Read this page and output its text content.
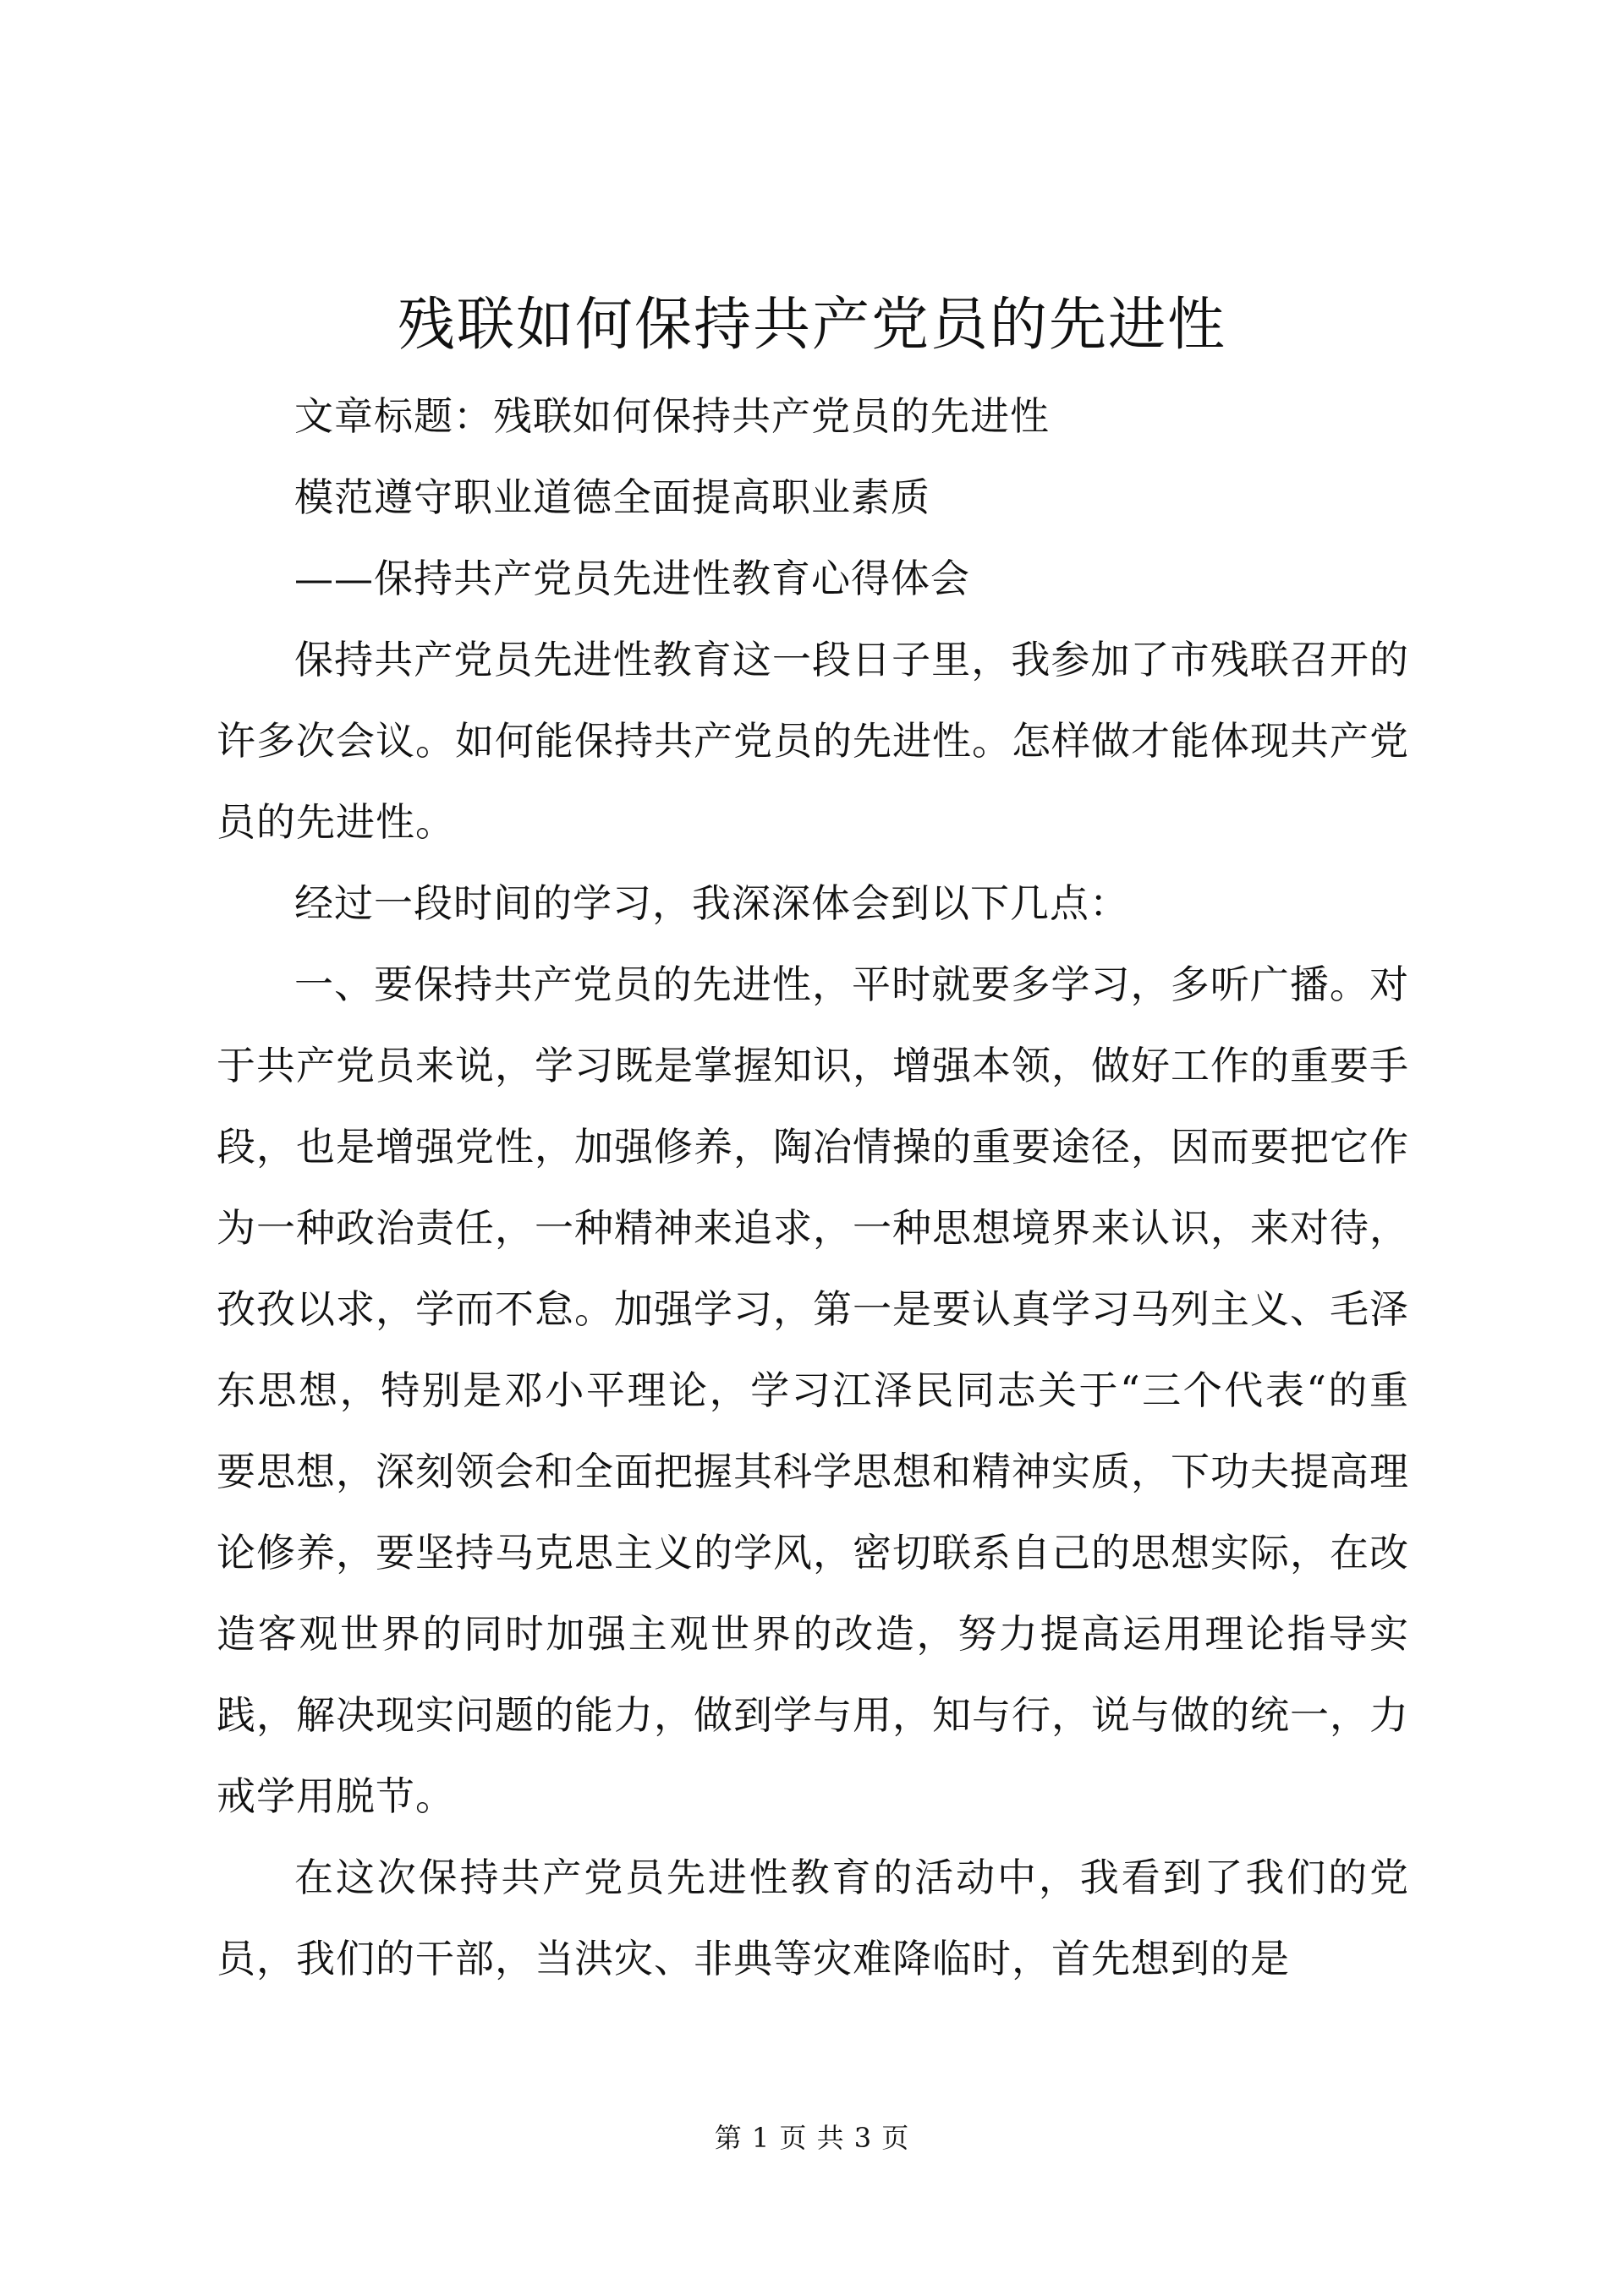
残联如何保持共产党员的先进性

文章标题：残联如何保持共产党员的先进性

模范遵守职业道德全面提高职业素质

——保持共产党员先进性教育心得体会

保持共产党员先进性教育这一段日子里，我参加了市残联召开的许多次会议。如何能保持共产党员的先进性。怎样做才能体现共产党员的先进性。

经过一段时间的学习，我深深体会到以下几点：

一、要保持共产党员的先进性，平时就要多学习，多听广播。对于共产党员来说，学习既是掌握知识，增强本领，做好工作的重要手段，也是增强党性，加强修养，陶冶情操的重要途径，因而要把它作为一种政治责任，一种精神来追求，一种思想境界来认识，来对待，孜孜以求，学而不怠。加强学习，第一是要认真学习马列主义、毛泽东思想，特别是邓小平理论，学习江泽民同志关于“三个代表“的重要思想，深刻领会和全面把握其科学思想和精神实质，下功夫提高理论修养，要坚持马克思主义的学风，密切联系自己的思想实际，在改造客观世界的同时加强主观世界的改造，努力提高运用理论指导实践，解决现实问题的能力，做到学与用，知与行，说与做的统一，力戒学用脱节。

在这次保持共产党员先进性教育的活动中，我看到了我们的党员，我们的干部，当洪灾、非典等灾难降临时，首先想到的是

第 1 页 共 3 页
